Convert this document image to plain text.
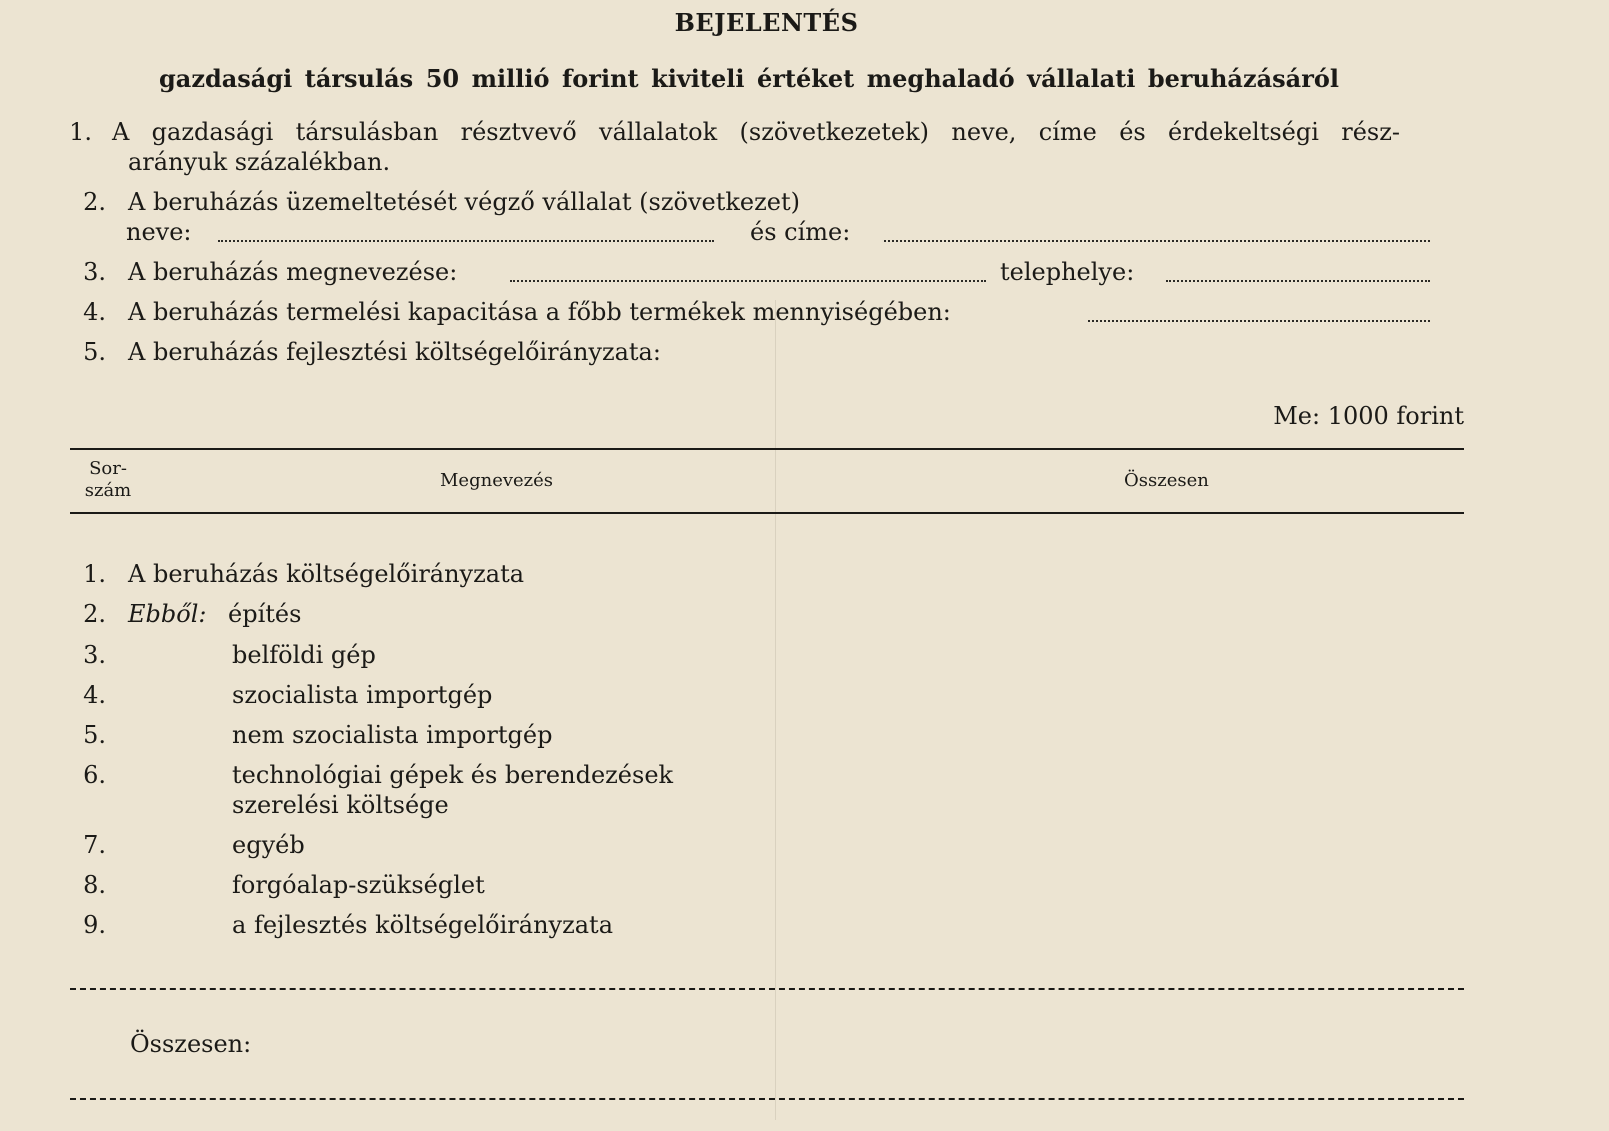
BEJELENTÉS
gazdasági társulás 50 millió forint kiviteli értéket meghaladó vállalati beruházásáról
1. A gazdasági társulásban résztvevő vállalatok (szövetkezetek) neve, címe és érdekeltségi rész-
arányuk százalékban.
2. A beruházás üzemeltetését végző vállalat (szövetkezet)
neve:	és címe:
3. A beruházás megnevezése:	telephelye:
4. A beruházás termelési kapacitása a főbb termékek mennyiségében:
5. A beruházás fejlesztési költségelőirányzata:
Me: 1000 forint
Sor-
szám	Megnevezés	Összesen
1. A beruházás költségelőirányzata
2. Ebből: építés
3.	belföldi gép
4.	szocialista importgép
5.	nem szocialista importgép
6.	technológiai gépek és berendezések
szerelési költsége
7.	egyéb
8.	forgóalap-szükséglet
9.	a fejlesztés költségelőirányzata
Összesen:
